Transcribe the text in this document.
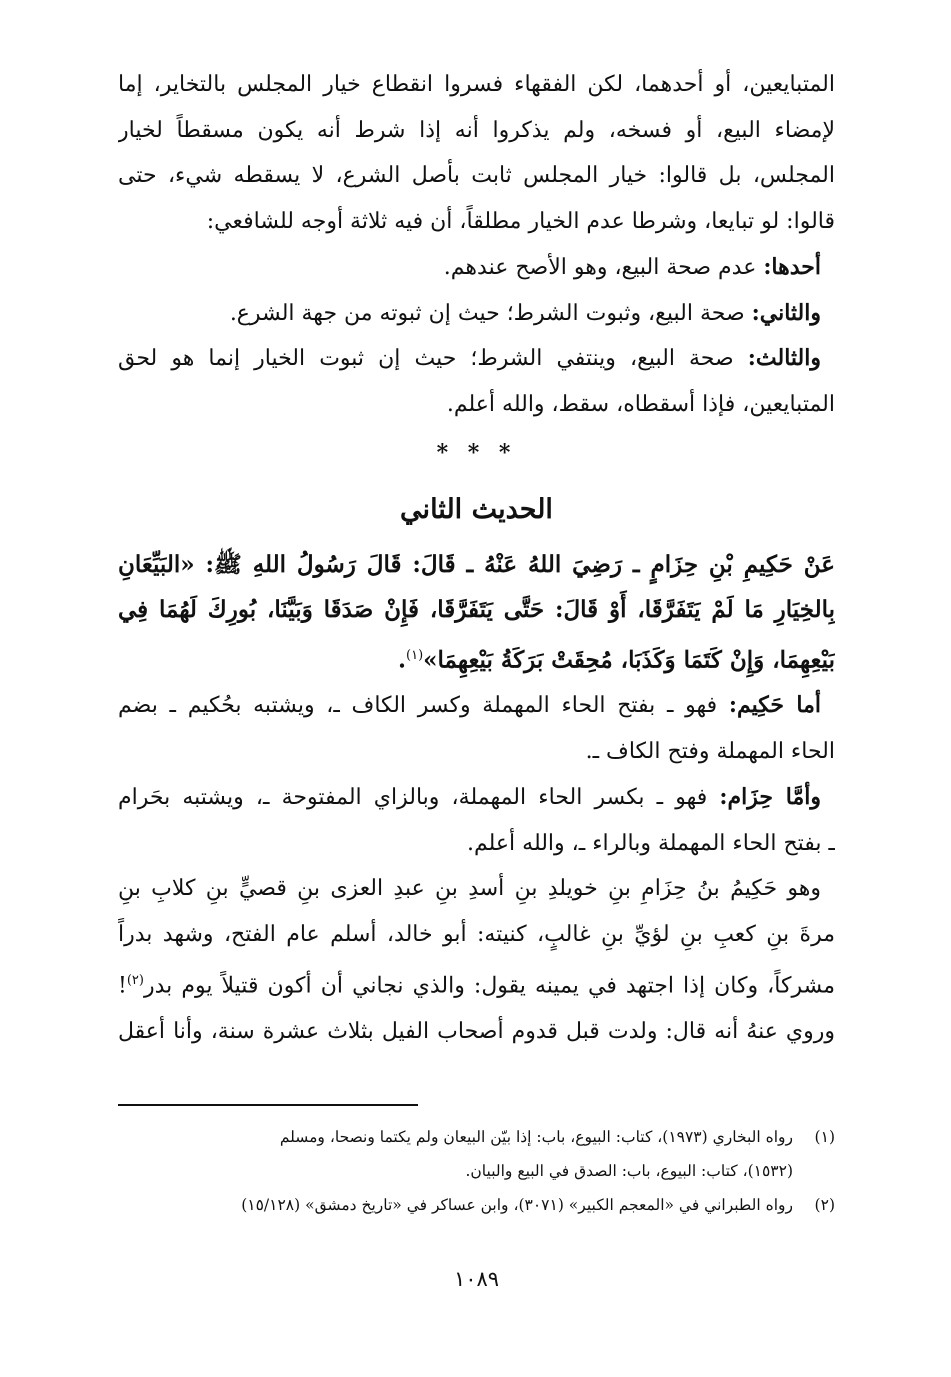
المتبايعين، أو أحدهما، لكن الفقهاء فسروا انقطاع خيار المجلس بالتخاير، إما
لإمضاء البيع، أو فسخه، ولم يذكروا أنه إذا شرط أنه يكون مسقطاً لخيار
المجلس، بل قالوا: خيار المجلس ثابت بأصل الشرع، لا يسقطه شيء، حتى
قالوا: لو تبايعا، وشرطا عدم الخيار مطلقاً، أن فيه ثلاثة أوجه للشافعي:
أحدها: عدم صحة البيع، وهو الأصح عندهم.
والثاني: صحة البيع، وثبوت الشرط؛ حيث إن ثبوته من جهة الشرع.
والثالث: صحة البيع، وينتفي الشرط؛ حيث إن ثبوت الخيار إنما هو لحق
المتبايعين، فإذا أسقطاه، سقط، والله أعلم.
* * *
الحديث الثاني
عَنْ حَكِيمِ بْنِ حِزَامٍ ـ رَضِيَ اللهُ عَنْهُ ـ قَالَ: قَالَ رَسُولُ اللهِ ﷺ: «البَيِّعَانِ
بِالخِيَارِ مَا لَمْ يَتَفَرَّقَا، أَوْ قَالَ: حَتَّى يَتَفَرَّقَا، فَإِنْ صَدَقَا وَبَيَّنَا، بُورِكَ لَهُمَا فِي
بَيْعِهِمَا، وَإِنْ كَتَمَا وَكَذَبَا، مُحِقَتْ بَرَكَةُ بَيْعِهِمَا»$^{(١)}$.
أما حَكِيم: فهو ـ بفتح الحاء المهملة وكسر الكاف ـ، ويشتبه بحُكيم ـ بضم
الحاء المهملة وفتح الكاف ـ.
وأمَّا حِزَام: فهو ـ بكسر الحاء المهملة، وبالزاي المفتوحة ـ، ويشتبه بحَرام
ـ بفتح الحاء المهملة وبالراء ـ، والله أعلم.
وهو حَكِيمُ بنُ حِزَامِ بنِ خويلدِ بنِ أسدِ بنِ عبدِ العزى بنِ قصيٍّ بنِ كلابِ بنِ
مرةَ بنِ كعبِ بنِ لؤيِّ بنِ غالبٍ، كنيته: أبو خالد، أسلم عام الفتح، وشهد بدراً
مشركاً، وكان إذا اجتهد في يمينه يقول: والذي نجاني أن أكون قتيلاً يوم بدر$^{(٢)}$!
وروي عنهُ أنه قال: ولدت قبل قدوم أصحاب الفيل بثلاث عشرة سنة، وأنا أعقل
(١)رواه البخاري (١٩٧٣)، كتاب: البيوع، باب: إذا بيّن البيعان ولم يكتما ونصحا، ومسلم
(١٥٣٢)، كتاب: البيوع، باب: الصدق في البيع والبيان.
(٢)رواه الطبراني في «المعجم الكبير» (٣٠٧١)، وابن عساكر في «تاريخ دمشق» (١٥/١٢٨)
١٠٨٩
